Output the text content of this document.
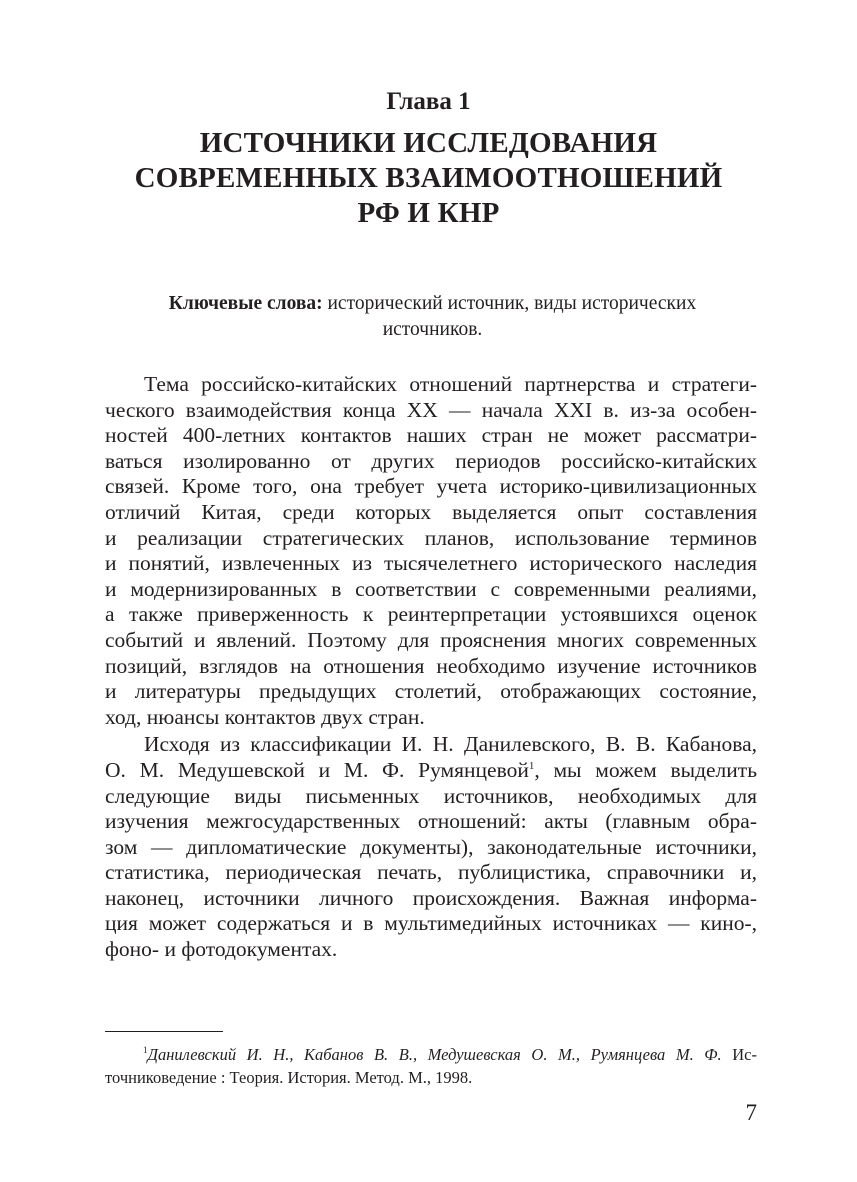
Глава 1
ИСТОЧНИКИ ИССЛЕДОВАНИЯ
СОВРЕМЕННЫХ ВЗАИМООТНОШЕНИЙ
РФ И КНР
Ключевые слова: исторический источник, виды исторических
источников.
Тема российско-китайских отношений партнерства и стратеги-
ческого взаимодействия конца XX — начала XXI в. из-за особен-
ностей 400-летних контактов наших стран не может рассматри-
ваться изолированно от других периодов российско-китайских
связей. Кроме того, она требует учета историко-цивилизационных
отличий Китая, среди которых выделяется опыт составления
и реализации стратегических планов, использование терминов
и понятий, извлеченных из тысячелетнего исторического наследия
и модернизированных в соответствии с современными реалиями,
а также приверженность к реинтерпретации устоявшихся оценок
событий и явлений. Поэтому для прояснения многих современных
позиций, взглядов на отношения необходимо изучение источников
и литературы предыдущих столетий, отображающих состояние,
ход, нюансы контактов двух стран.
Исходя из классификации И. Н. Данилевского, В. В. Кабанова,
О. М. Медушевской и М. Ф. Румянцевой$^1$, мы можем выделить
следующие виды письменных источников, необходимых для
изучения межгосударственных отношений: акты (главным обра-
зом — дипломатические документы), законодательные источники,
статистика, периодическая печать, публицистика, справочники и,
наконец, источники личного происхождения. Важная информа-
ция может содержаться и в мультимедийных источниках — кино-,
фоно- и фотодокументах.
$^1$Данилевский И. Н., Кабанов В. В., Медушевская О. М., Румянцева М. Ф. Ис-
точниковедение : Теория. История. Метод. М., 1998.
7
